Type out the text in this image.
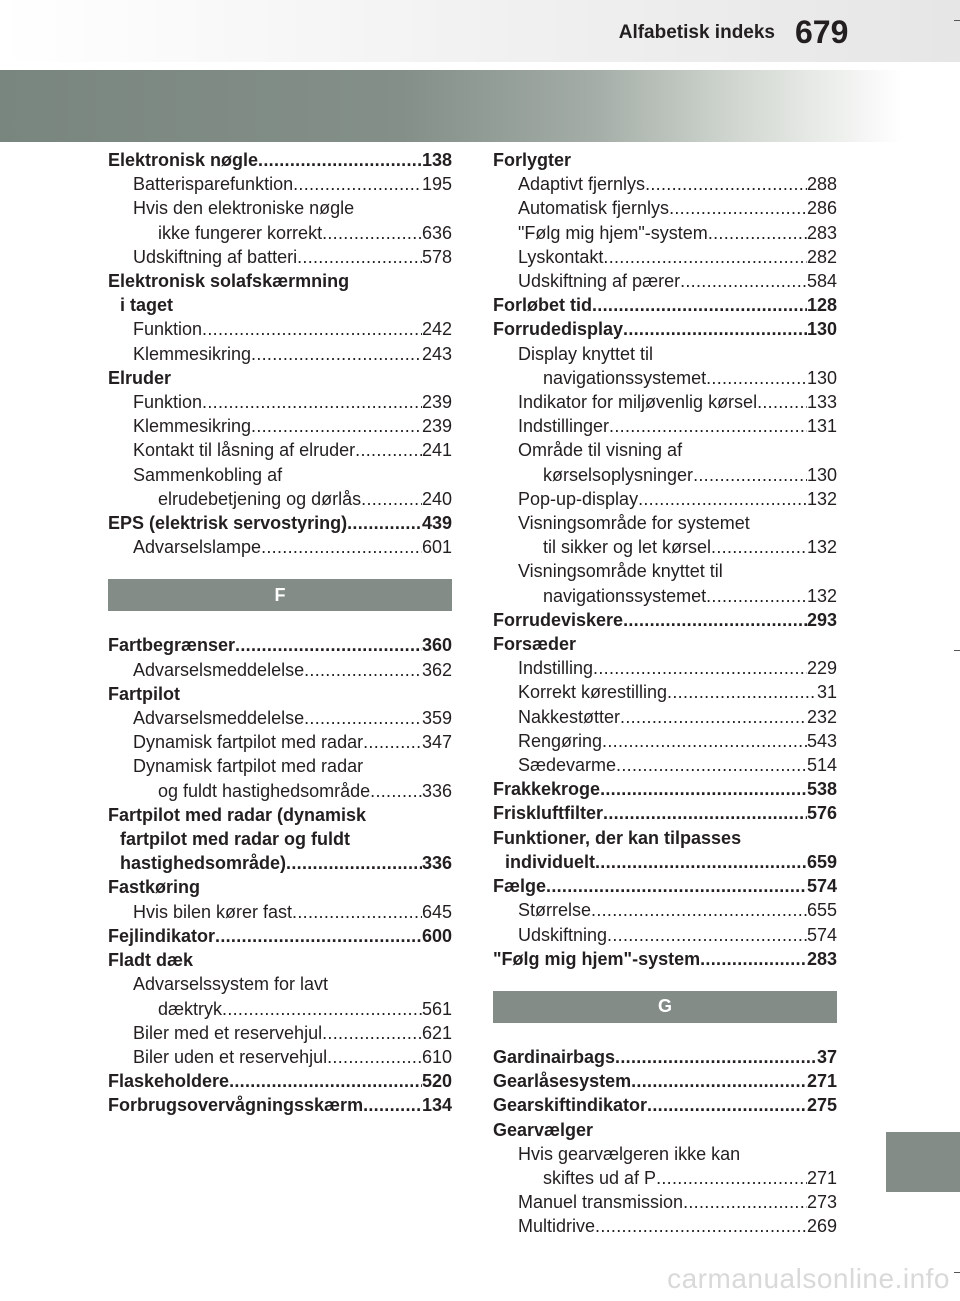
Alfabetisk indeks 679
Elektronisk nøgle .....	138
Batterisparefunktion .....	195
Hvis den elektroniske nøgle
ikke fungerer korrekt .....	636
Udskiftning af batteri .....	578
Elektronisk solafskærmning
i taget
Funktion .....	242
Klemmesikring .....	243
Elruder
Funktion .....	239
Klemmesikring .....	239
Kontakt til låsning af elruder .....	241
Sammenkobling af
elrudebetjening og dørlås .....	240
EPS (elektrisk servostyring) .....	439
Advarselslampe .....	601
F
Fartbegrænser .....	360
Advarselsmeddelelse .....	362
Fartpilot
Advarselsmeddelelse .....	359
Dynamisk fartpilot med radar .....	347
Dynamisk fartpilot med radar
og fuldt hastighedsområde .....	336
Fartpilot med radar (dynamisk
fartpilot med radar og fuldt
hastighedsområde) .....	336
Fastkøring
Hvis bilen kører fast .....	645
Fejlindikator .....	600
Fladt dæk
Advarselssystem for lavt
dæktryk .....	561
Biler med et reservehjul .....	621
Biler uden et reservehjul .....	610
Flaskeholdere .....	520
Forbrugsovervågningsskærm .....	134
Forlygter
Adaptivt fjernlys .....	288
Automatisk fjernlys .....	286
"Følg mig hjem"-system .....	283
Lyskontakt .....	282
Udskiftning af pærer .....	584
Forløbet tid .....	128
Forrudedisplay .....	130
Display knyttet til
navigationssystemet .....	130
Indikator for miljøvenlig kørsel .....	133
Indstillinger .....	131
Område til visning af
kørselsoplysninger .....	130
Pop-up-display .....	132
Visningsområde for systemet
til sikker og let kørsel .....	132
Visningsområde knyttet til
navigationssystemet .....	132
Forrudeviskere .....	293
Forsæder
Indstilling .....	229
Korrekt kørestilling .....	31
Nakkestøtter .....	232
Rengøring .....	543
Sædevarme .....	514
Frakkekroge .....	538
Friskluftfilter .....	576
Funktioner, der kan tilpasses
individuelt .....	659
Fælge .....	574
Størrelse .....	655
Udskiftning .....	574
"Følg mig hjem"-system .....	283
G
Gardinairbags .....	37
Gearlåsesystem .....	271
Gearskiftindikator .....	275
Gearvælger
Hvis gearvælgeren ikke kan
skiftes ud af P .....	271
Manuel transmission .....	273
Multidrive .....	269
carmanualsonline.info
